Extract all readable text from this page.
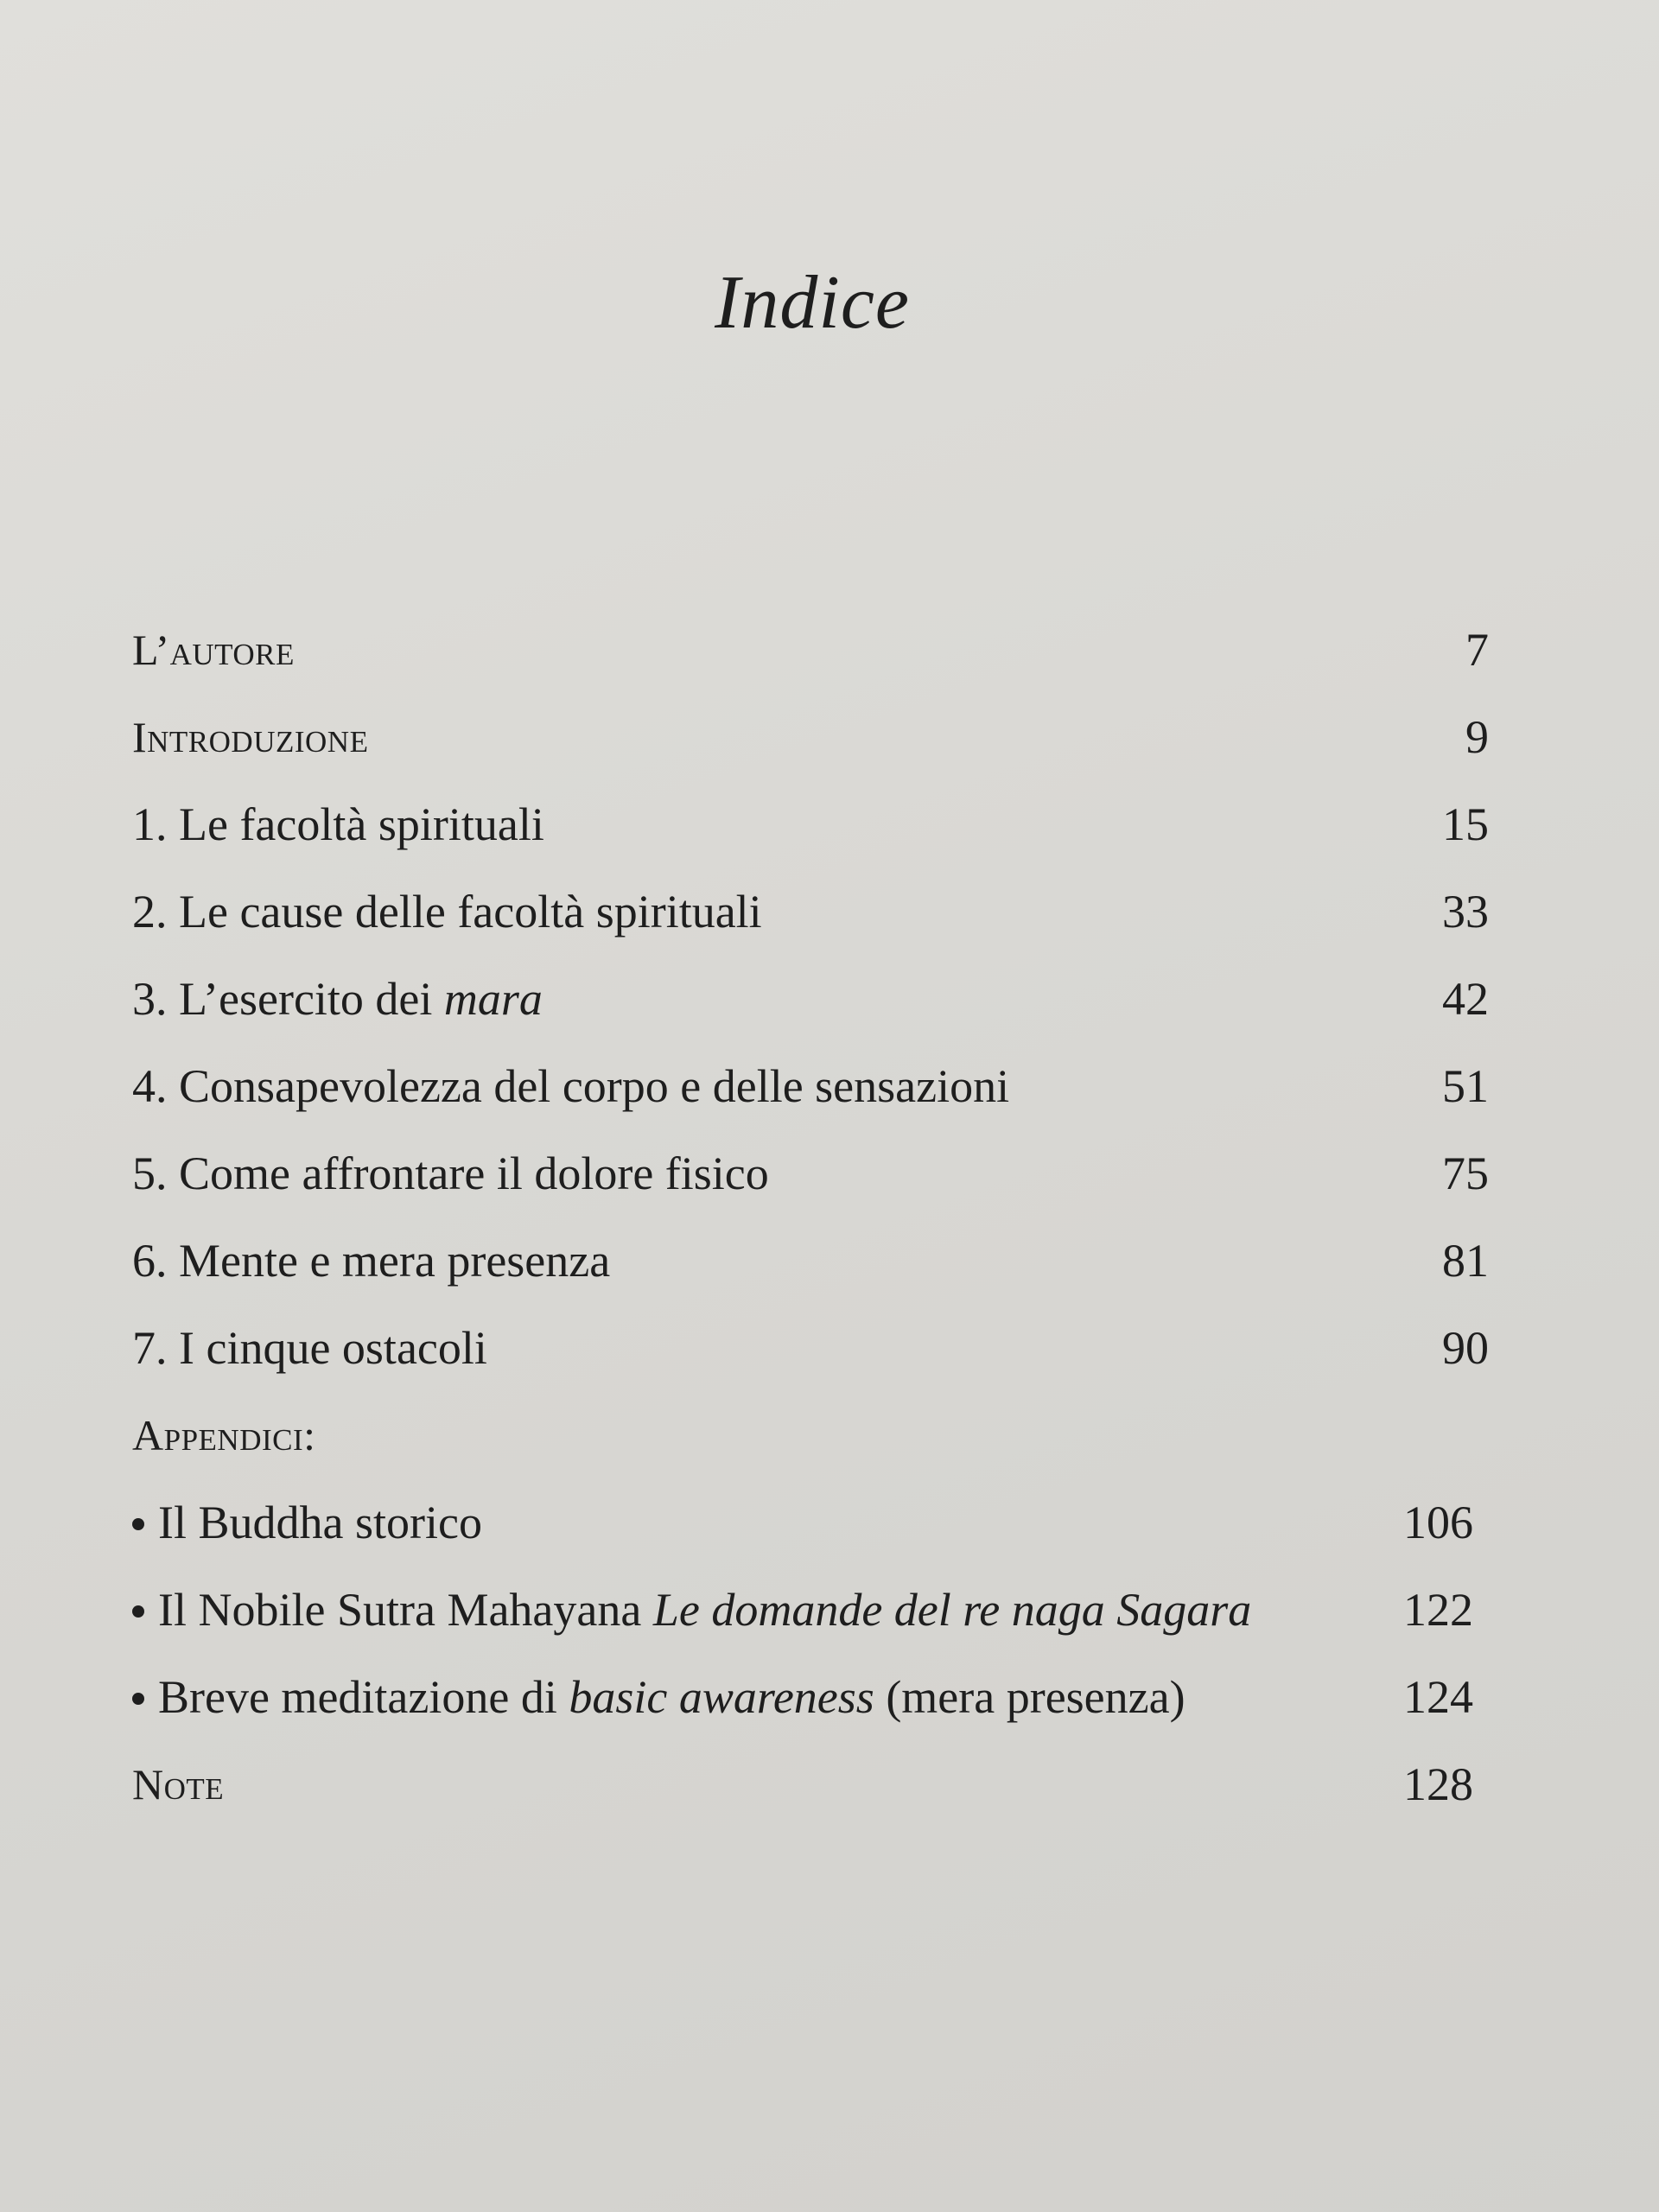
Indice
L’autore	7
Introduzione	9
1. Le facoltà spirituali	15
2. Le cause delle facoltà spirituali	33
3. L’esercito dei mara	42
4. Consapevolezza del corpo e delle sensazioni	51
5. Come affrontare il dolore fisico	75
6. Mente e mera presenza	81
7. I cinque ostacoli	90
Appendici:
Il Buddha storico	106
Il Nobile Sutra Mahayana Le domande del re naga Sagara	122
Breve meditazione di basic awareness (mera presenza)	124
Note	128
